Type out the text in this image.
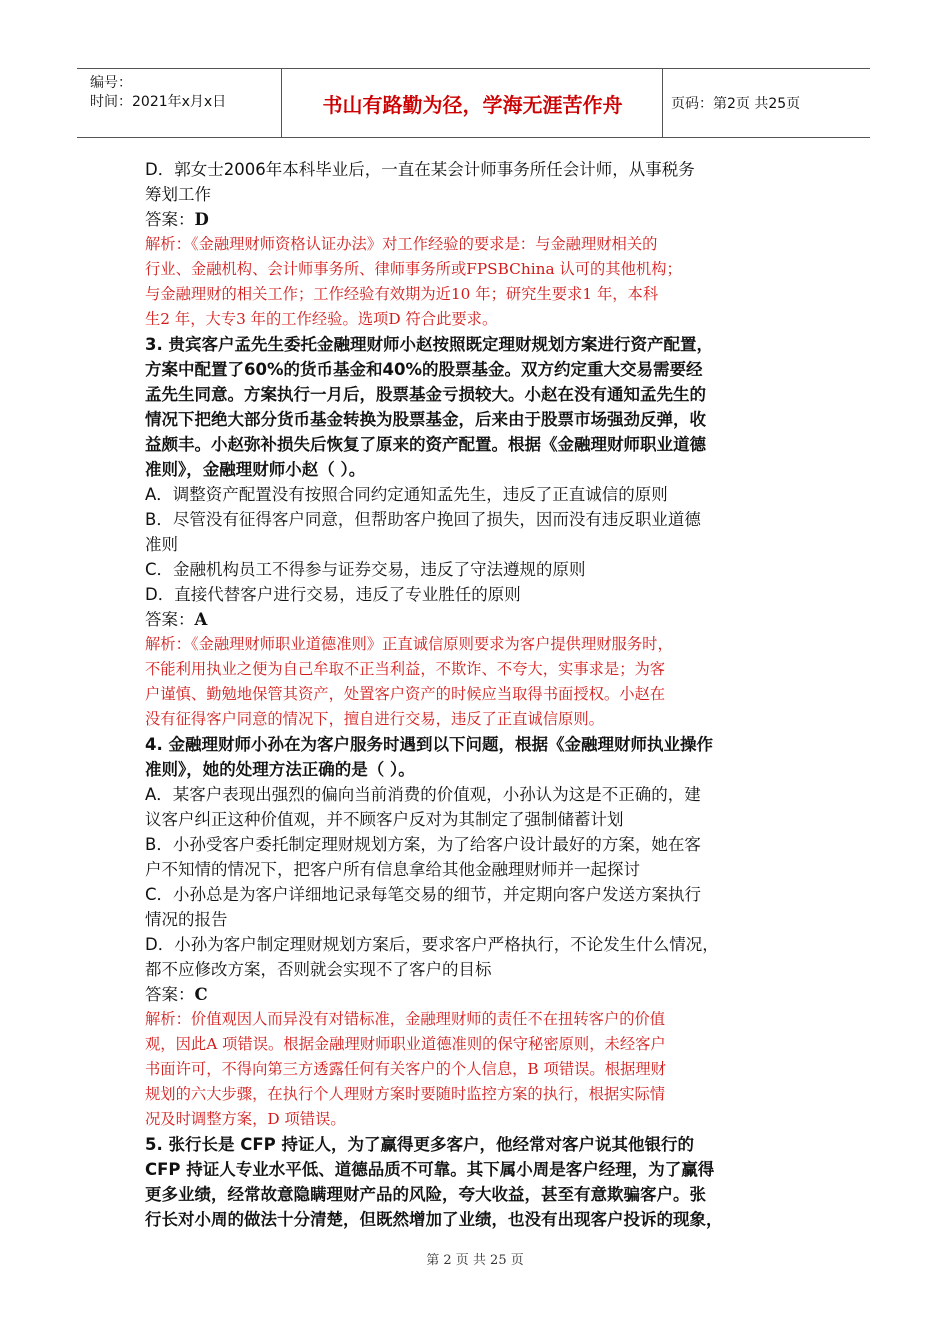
编号：
时间：2021年x月x日	书山有路勤为径，学海无涯苦作舟	页码：第2页 共25页

D．郭女士2006年本科毕业后，一直在某会计师事务所任会计师，从事税务

筹划工作

答案：D

解析：《金融理财师资格认证办法》对工作经验的要求是：与金融理财相关的

行业、金融机构、会计师事务所、律师事务所或FPSBChina 认可的其他机构；

与金融理财的相关工作；工作经验有效期为近10 年；研究生要求1 年，本科

生2 年，大专3 年的工作经验。选项D 符合此要求。

3. 贵宾客户孟先生委托金融理财师小赵按照既定理财规划方案进行资产配置，

方案中配置了60%的货币基金和40%的股票基金。双方约定重大交易需要经

孟先生同意。方案执行一月后，股票基金亏损较大。小赵在没有通知孟先生的

情况下把绝大部分货币基金转换为股票基金，后来由于股票市场强劲反弹，收

益颇丰。小赵弥补损失后恢复了原来的资产配置。根据《金融理财师职业道德

准则》，金融理财师小赵（ ）。

A．调整资产配置没有按照合同约定通知孟先生，违反了正直诚信的原则

B．尽管没有征得客户同意，但帮助客户挽回了损失，因而没有违反职业道德

准则

C．金融机构员工不得参与证券交易，违反了守法遵规的原则

D．直接代替客户进行交易，违反了专业胜任的原则

答案：A

解析：《金融理财师职业道德准则》正直诚信原则要求为客户提供理财服务时，

不能利用执业之便为自己牟取不正当利益，不欺诈、不夸大，实事求是；为客

户谨慎、勤勉地保管其资产，处置客户资产的时候应当取得书面授权。小赵在

没有征得客户同意的情况下，擅自进行交易，违反了正直诚信原则。

4. 金融理财师小孙在为客户服务时遇到以下问题，根据《金融理财师执业操作

准则》，她的处理方法正确的是（ ）。

A．某客户表现出强烈的偏向当前消费的价值观，小孙认为这是不正确的，建

议客户纠正这种价值观，并不顾客户反对为其制定了强制储蓄计划

B．小孙受客户委托制定理财规划方案，为了给客户设计最好的方案，她在客

户不知情的情况下，把客户所有信息拿给其他金融理财师并一起探讨

C．小孙总是为客户详细地记录每笔交易的细节，并定期向客户发送方案执行

情况的报告

D．小孙为客户制定理财规划方案后，要求客户严格执行，不论发生什么情况，

都不应修改方案，否则就会实现不了客户的目标

答案：C

解析：价值观因人而异没有对错标准，金融理财师的责任不在扭转客户的价值

观，因此A 项错误。根据金融理财师职业道德准则的保守秘密原则，未经客户

书面许可，不得向第三方透露任何有关客户的个人信息，B 项错误。根据理财

规划的六大步骤，在执行个人理财方案时要随时监控方案的执行，根据实际情

况及时调整方案，D 项错误。

5. 张行长是 CFP 持证人，为了赢得更多客户，他经常对客户说其他银行的

CFP 持证人专业水平低、道德品质不可靠。其下属小周是客户经理，为了赢得

更多业绩，经常故意隐瞒理财产品的风险，夸大收益，甚至有意欺骗客户。张

行长对小周的做法十分清楚，但既然增加了业绩，也没有出现客户投诉的现象，

第 2 页 共 25 页
